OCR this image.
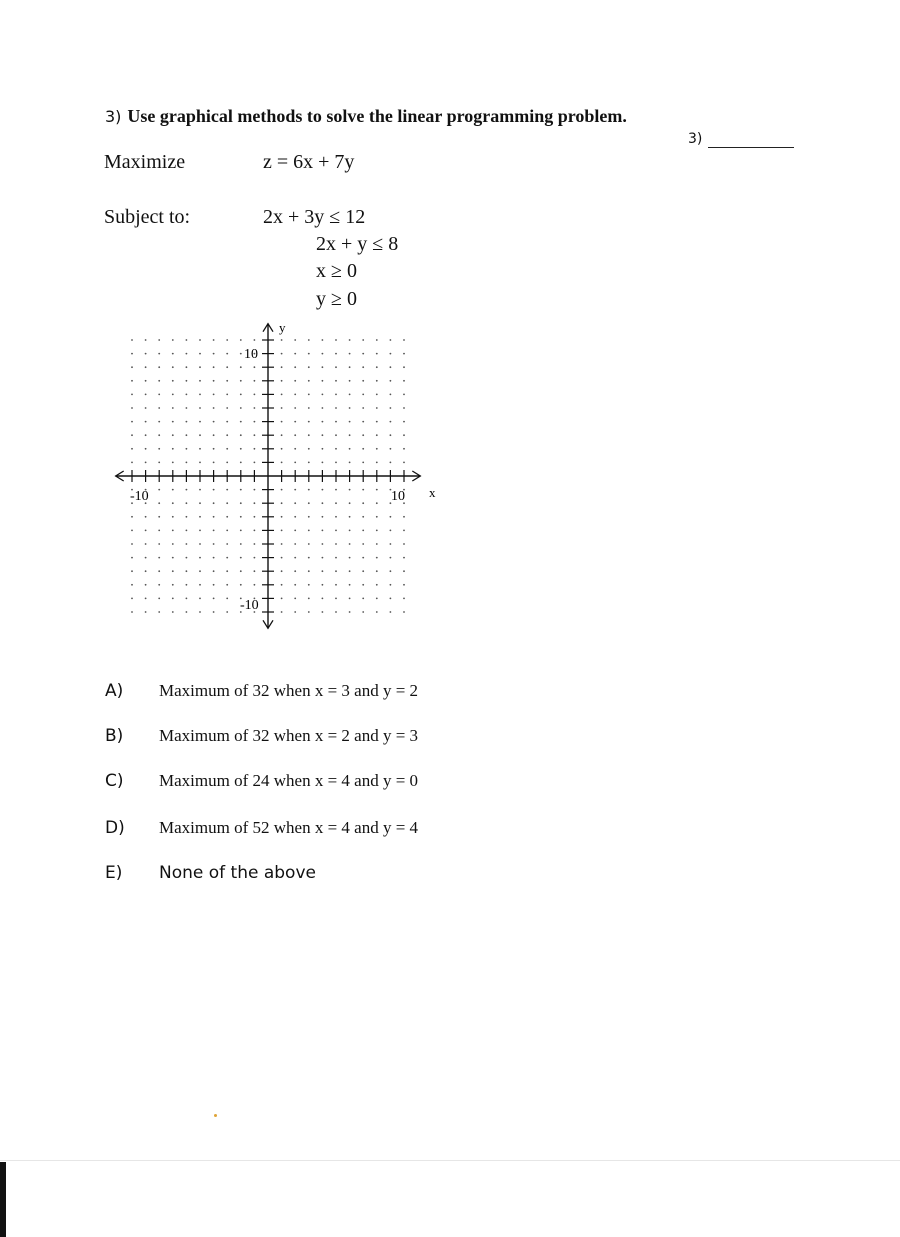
3) Use graphical methods to solve the linear programming problem.
3)
Maximize	z = 6x + 7y
Subject to:	2x + 3y ≤ 12
2x + y ≤ 8
x ≥ 0
y ≥ 0
x
y
-10	10
10
-10
A) Maximum of 32 when x = 3 and y = 2
B) Maximum of 32 when x = 2 and y = 3
C) Maximum of 24 when x = 4 and y = 0
D) Maximum of 52 when x = 4 and y = 4
E) None of the above
